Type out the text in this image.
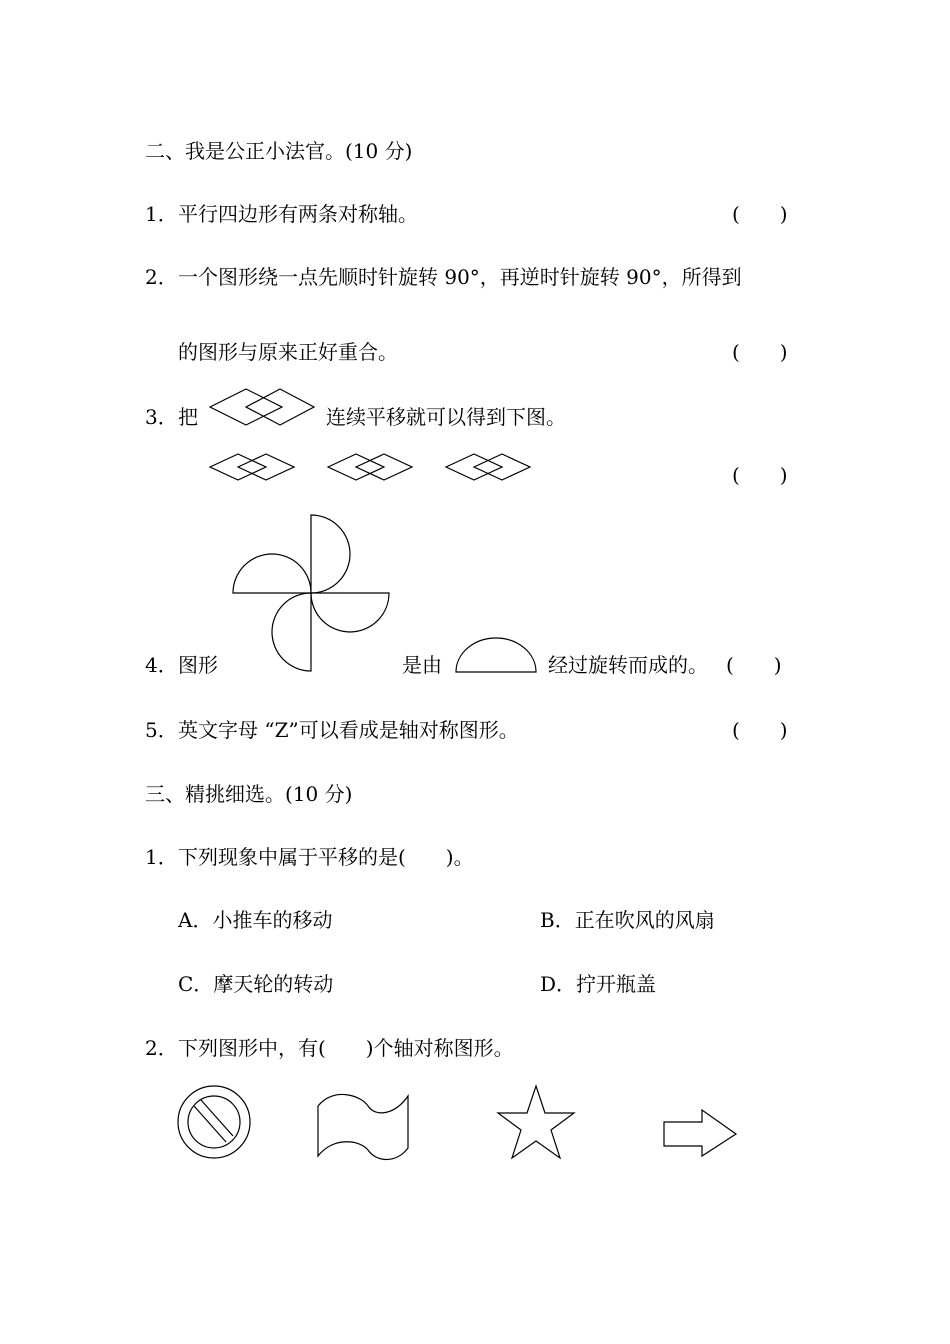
二、我是公正小法官。(10 分)
1． 平行四边形有两条对称轴。	(　　)
2． 一个图形绕一点先顺时针旋转 90°，再逆时针旋转 90°，所得到
的图形与原来正好重合。	(　　)
3． 把	连续平移就可以得到下图。
(　　)
4． 图形	是由	经过旋转而成的。 (　　)
5． 英文字母 “Z”可以看成是轴对称图形。	(　　)
三、精挑细选。(10 分)
1． 下列现象中属于平移的是(　　)。
A．小推车的移动	B．正在吹风的风扇
C．摩天轮的转动	D．拧开瓶盖
2． 下列图形中，有(　　)个轴对称图形。
